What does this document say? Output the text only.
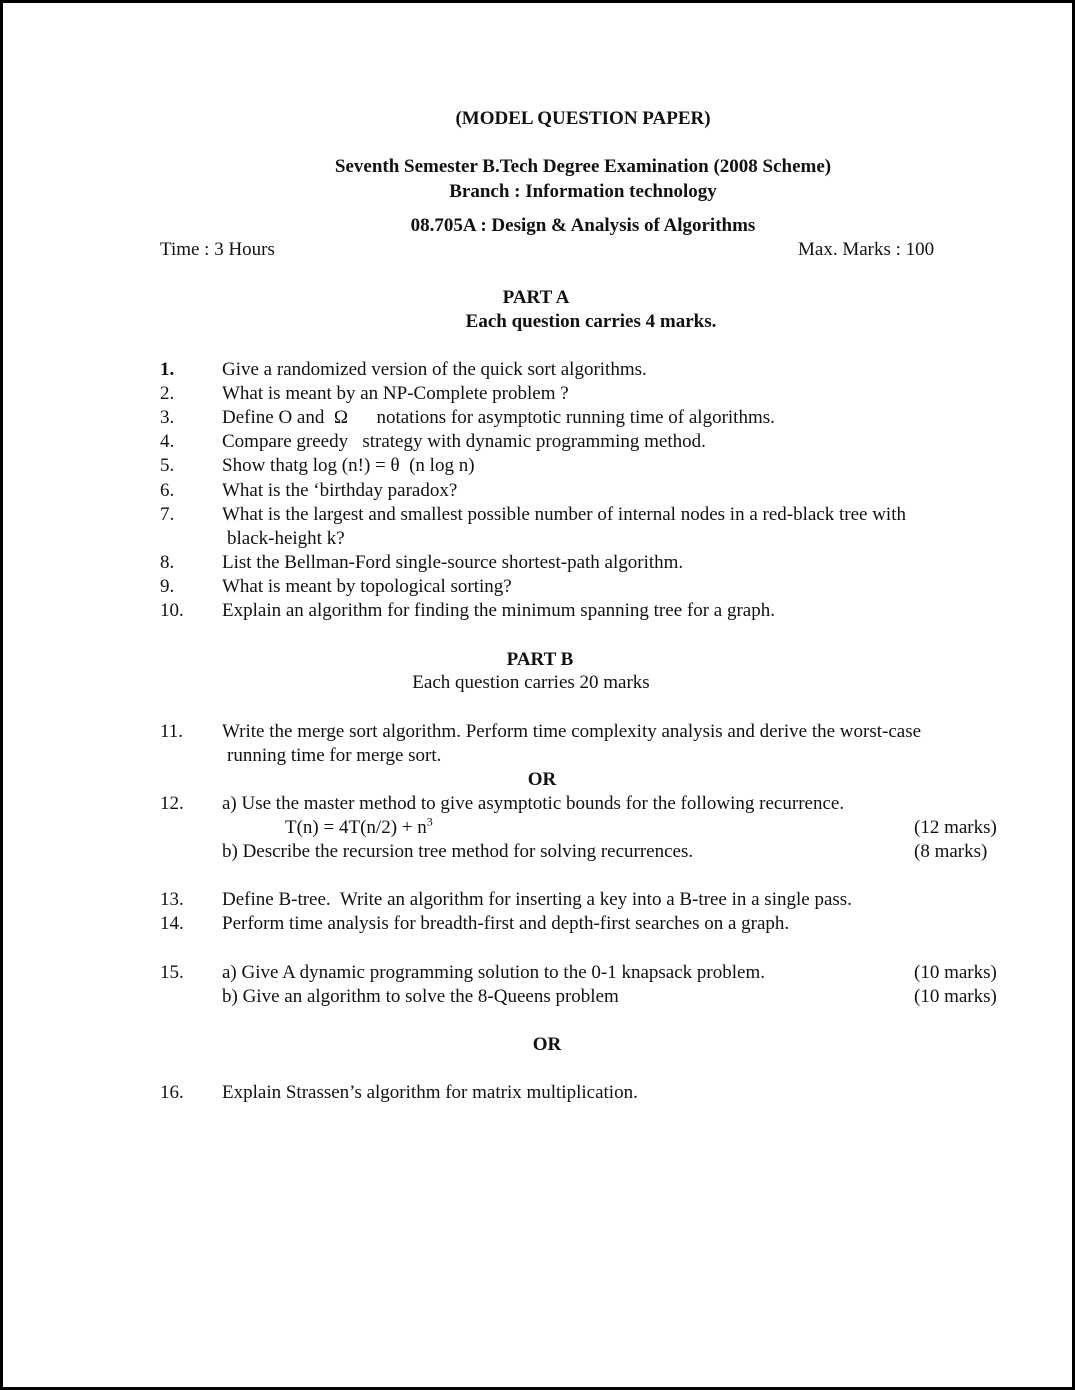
(MODEL QUESTION PAPER)
Seventh Semester B.Tech Degree Examination (2008 Scheme)
Branch : Information technology
08.705A : Design & Analysis of Algorithms
Time : 3 Hours	Max. Marks : 100
PART A
Each question carries 4 marks.
1.	Give a randomized version of the quick sort algorithms.
2.	What is meant by an NP-Complete problem ?
3.	Define O and  Ω      notations for asymptotic running time of algorithms.
4.	Compare greedy   strategy with dynamic programming method.
5.	Show thatg log (n!) = θ  (n log n)
6.	What is the ‘birthday paradox?
7.	What is the largest and smallest possible number of internal nodes in a red-black tree with
black-height k?
8.	List the Bellman-Ford single-source shortest-path algorithm.
9.	What is meant by topological sorting?
10. Explain an algorithm for finding the minimum spanning tree for a graph.
PART B
Each question carries 20 marks
11. Write the merge sort algorithm. Perform time complexity analysis and derive the worst-case
running time for merge sort.
OR
12. a) Use the master method to give asymptotic bounds for the following recurrence.
$T(n) = 4T(n/2) + n^3$	(12 marks)
b) Describe the recursion tree method for solving recurrences.	(8 marks)
13. Define B-tree.  Write an algorithm for inserting a key into a B-tree in a single pass.
14. Perform time analysis for breadth-first and depth-first searches on a graph.
15. a) Give A dynamic programming solution to the 0-1 knapsack problem.	(10 marks)
b) Give an algorithm to solve the 8-Queens problem	(10 marks)
OR
16. Explain Strassen’s algorithm for matrix multiplication.
